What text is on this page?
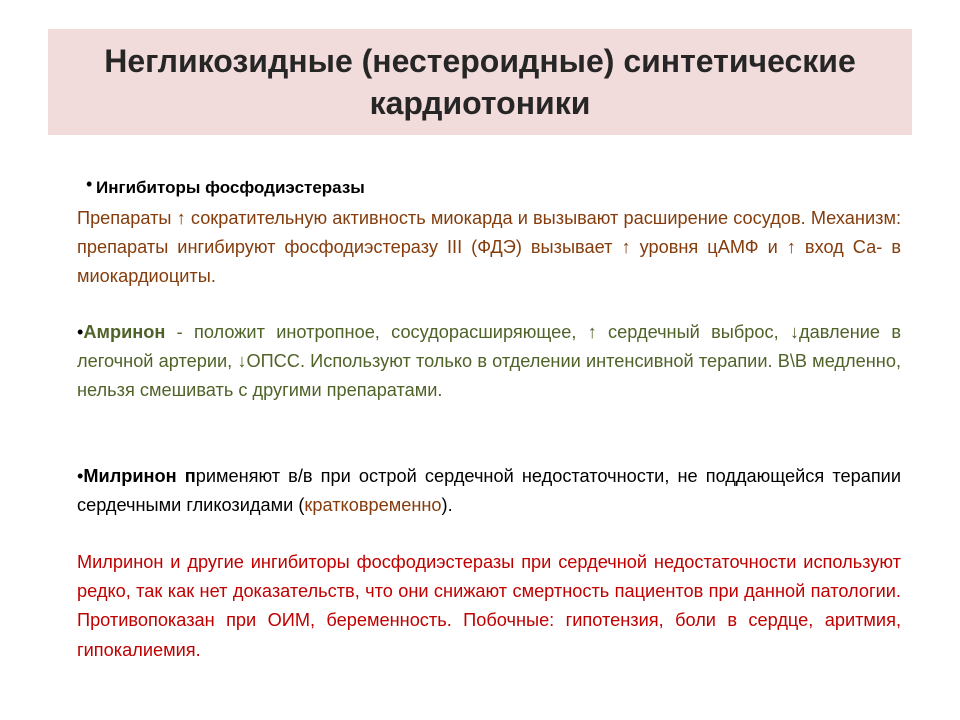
Негликозидные (нестероидные) синтетические кардиотоники
• Ингибиторы фосфодиэстеразы

Препараты ↑ сократительную активность миокарда и вызывают расширение сосудов. Механизм: препараты ингибируют фосфодиэстеразу III (ФДЭ) вызывает ↑ уровня цАМФ и ↑ вход Са- в миокардиоциты.

•Амринон - положит инотропное, сосудорасширяющее, ↑ сердечный выброс, ↓давление в легочной артерии, ↓ОПСС. Используют только в отделении интенсивной терапии. В\В медленно, нельзя смешивать с другими препаратами.

•Милринон применяют в/в при острой сердечной недостаточности, не поддающейся терапии сердечными гликозидами (кратковременно).

Милринон и другие ингибиторы фосфодиэстеразы при сердечной недостаточности используют редко, так как нет доказательств, что они снижают смертность пациентов при данной патологии. Противопоказан при ОИМ, беременность. Побочные: гипотензия, боли в сердце, аритмия, гипокалиемия.
